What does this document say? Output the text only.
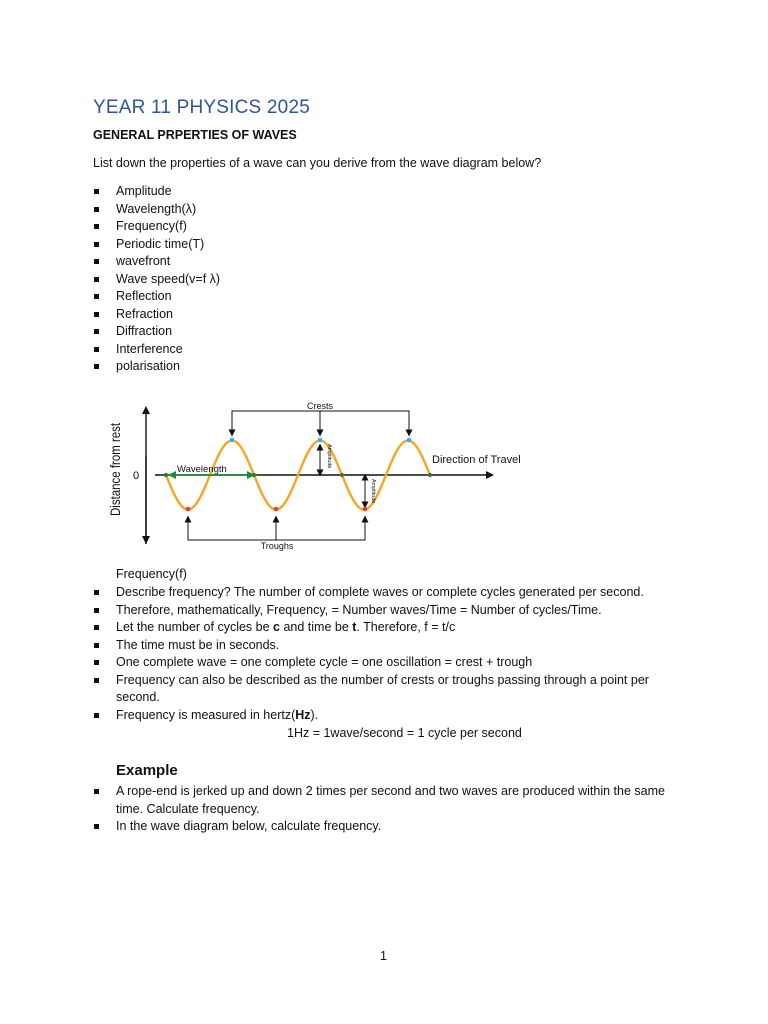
YEAR 11 PHYSICS 2025

GENERAL PRPERTIES OF WAVES

List down the properties of a wave can you derive from the wave diagram below?

Amplitude
Wavelength(λ)
Frequency(f)
Periodic time(T)
wavefront
Wave speed(v=f λ)
Reflection
Refraction
Diffraction
Interference
polarisation
Distance from rest 0
Crests
Troughs
Wavelength
Amplitude
Amplitude
Direction of Travel

Frequency(f)

Describe frequency? The number of complete waves or complete cycles generated per second.
Therefore, mathematically, Frequency, = Number waves/Time = Number of cycles/Time.
Let the number of cycles be c and time be t. Therefore, f = t/c
The time must be in seconds.
One complete wave = one complete cycle = one oscillation = crest + trough
Frequency can also be described as the number of crests or troughs passing through a point per second.
Frequency is measured in hertz(Hz).

1Hz = 1wave/second = 1 cycle per second

Example

A rope-end is jerked up and down 2 times per second and two waves are produced within the same time. Calculate frequency.
In the wave diagram below, calculate frequency.

1
